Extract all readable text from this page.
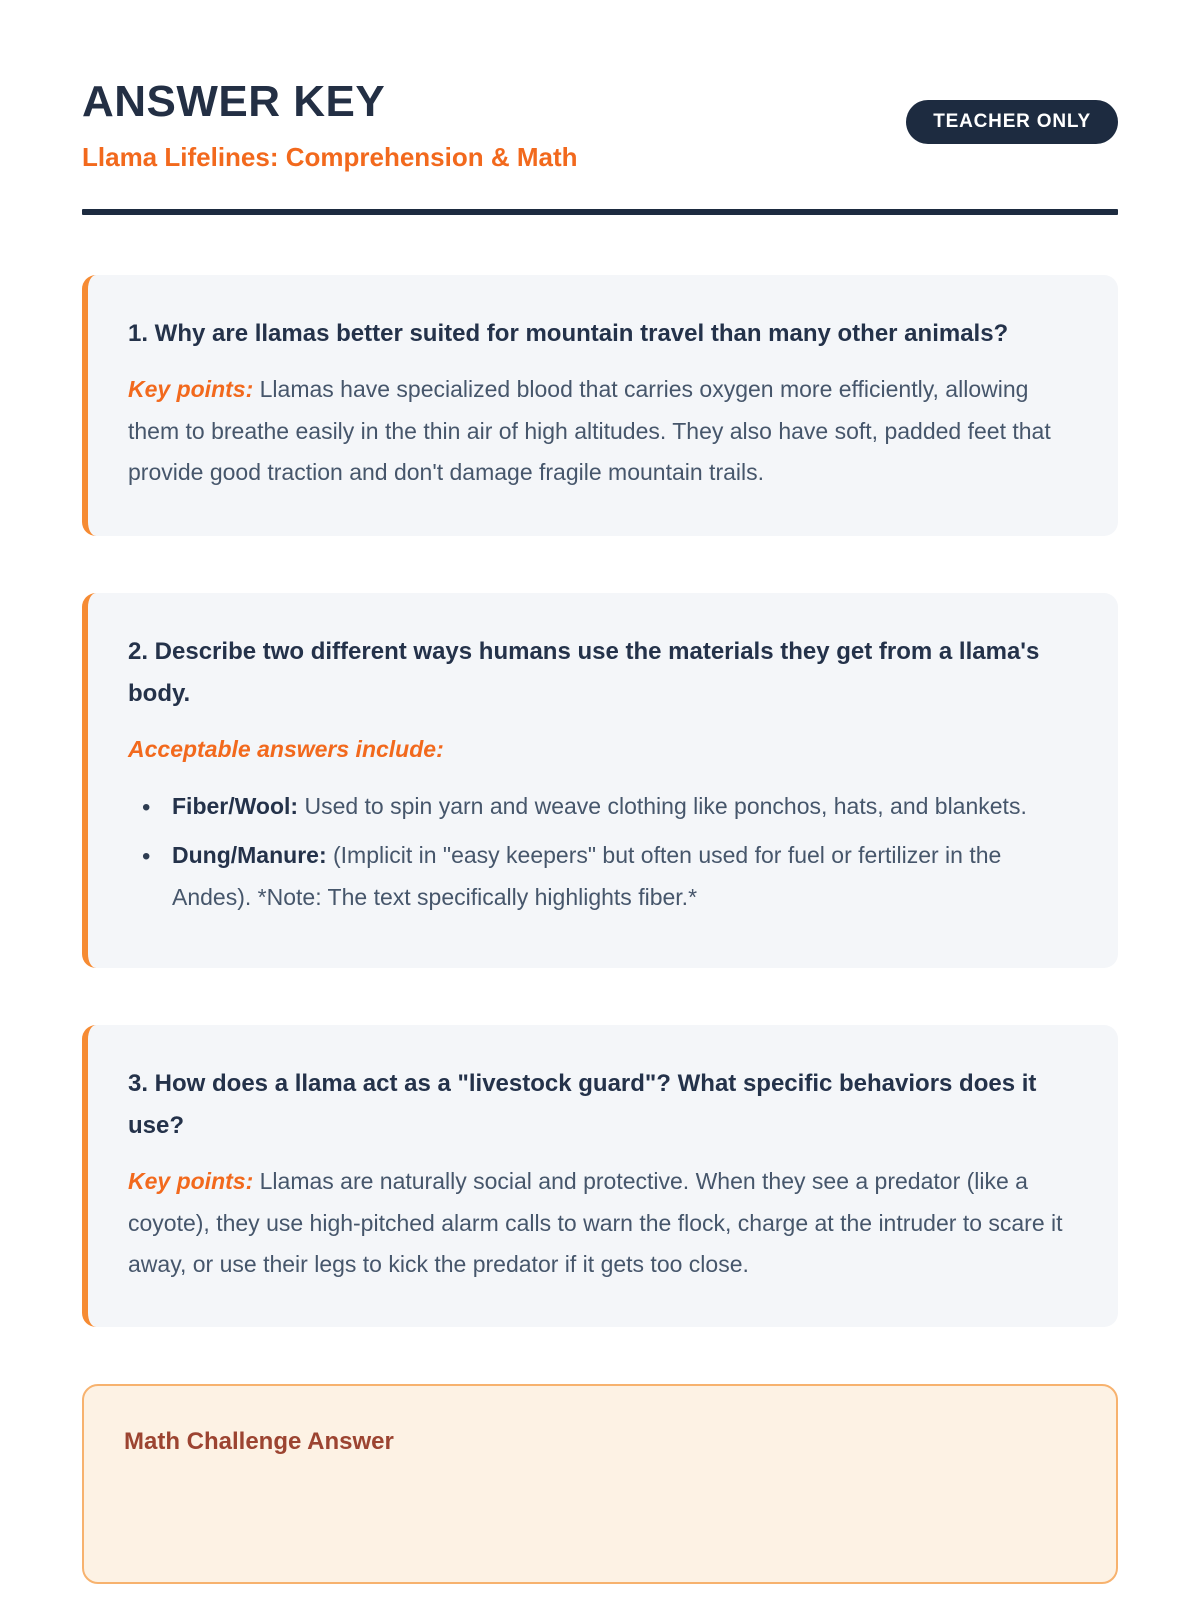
ANSWER KEY
Llama Lifelines: Comprehension & Math
TEACHER ONLY
1. Why are llamas better suited for mountain travel than many other animals?

Key points: Llamas have specialized blood that carries oxygen more efficiently, allowing them to breathe easily in the thin air of high altitudes. They also have soft, padded feet that provide good traction and don't damage fragile mountain trails.

2. Describe two different ways humans use the materials they get from a llama's body.

Acceptable answers include:

• Fiber/Wool: Used to spin yarn and weave clothing like ponchos, hats, and blankets.
• Dung/Manure: (Implicit in "easy keepers" but often used for fuel or fertilizer in the Andes). *Note: The text specifically highlights fiber.*
3. How does a llama act as a "livestock guard"? What specific behaviors does it use?

Key points: Llamas are naturally social and protective. When they see a predator (like a coyote), they use high-pitched alarm calls to warn the flock, charge at the intruder to scare it away, or use their legs to kick the predator if it gets too close.

Math Challenge Answer
